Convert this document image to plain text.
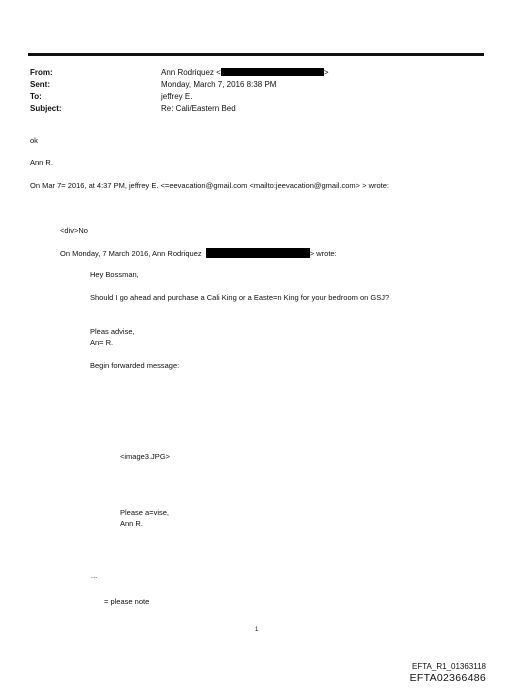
From:
Sent:
To:
Subject:
Ann Rodriquez <	>
Monday, March 7, 2016 8:38 PM
jeffrey E.
Re: Cali/Eastern Bed
ok
Ann R.
On Mar 7= 2016, at 4:37 PM, jeffrey E. <=eevacation@gmail.com <mailto:jeevacation@gmail.com> > wrote:
<div>No
On Monday, 7 March 2016, Ann Rodriquez	> wrote:
Hey Bossman,
Should I go ahead and purchase a Cali King or a Easte=n King for your bedroom on GSJ?
Pleas advise,
An= R.
Begin forwarded message:
<image3.JPG>
Please a=vise,
Ann R.
...
= please note
1
EFTA_R1_01363118
EFTA02366486
